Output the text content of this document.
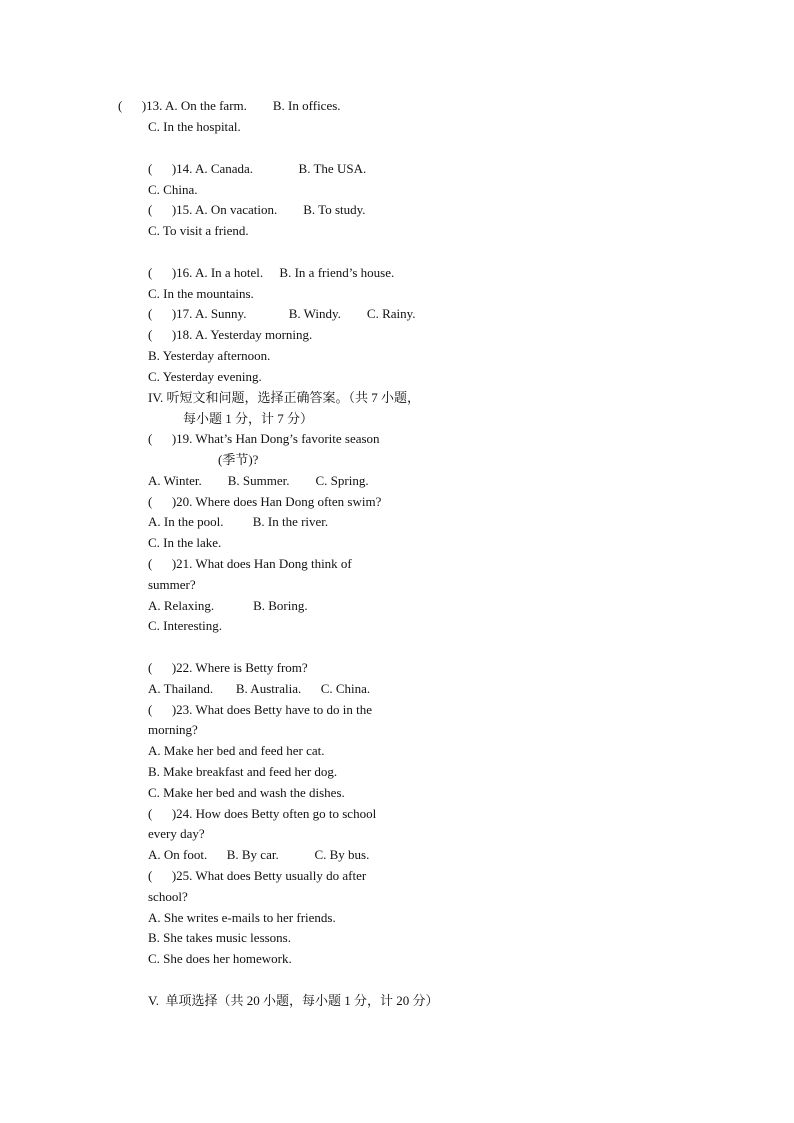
(      )13. A. On the farm.        B. In offices.
C. In the hospital.
(      )14. A. Canada.              B. The USA.
C. China.
(      )15. A. On vacation.        B. To study.
C. To visit a friend.
(      )16. A. In a hotel.     B. In a friend’s house.
C. In the mountains.
(      )17. A. Sunny.             B. Windy.        C. Rainy.
(      )18. A. Yesterday morning.
B. Yesterday afternoon.
C. Yesterday evening.
IV. 听短文和问题，选择正确答案。（共 7 小题，
每小题 1 分，计 7 分）
(      )19. What’s Han Dong’s favorite season
(季节)?
A. Winter.        B. Summer.        C. Spring.
(      )20. Where does Han Dong often swim?
A. In the pool.         B. In the river.
C. In the lake.
(      )21. What does Han Dong think of
summer?
A. Relaxing.            B. Boring.
C. Interesting.
(      )22. Where is Betty from?
A. Thailand.       B. Australia.      C. China.
(      )23. What does Betty have to do in the
morning?
A. Make her bed and feed her cat.
B. Make breakfast and feed her dog.
C. Make her bed and wash the dishes.
(      )24. How does Betty often go to school
every day?
A. On foot.      B. By car.           C. By bus.
(      )25. What does Betty usually do after
school?
A. She writes e-mails to her friends.
B. She takes music lessons.
C. She does her homework.
V.  单项选择（共 20 小题，每小题 1 分，计 20 分）
